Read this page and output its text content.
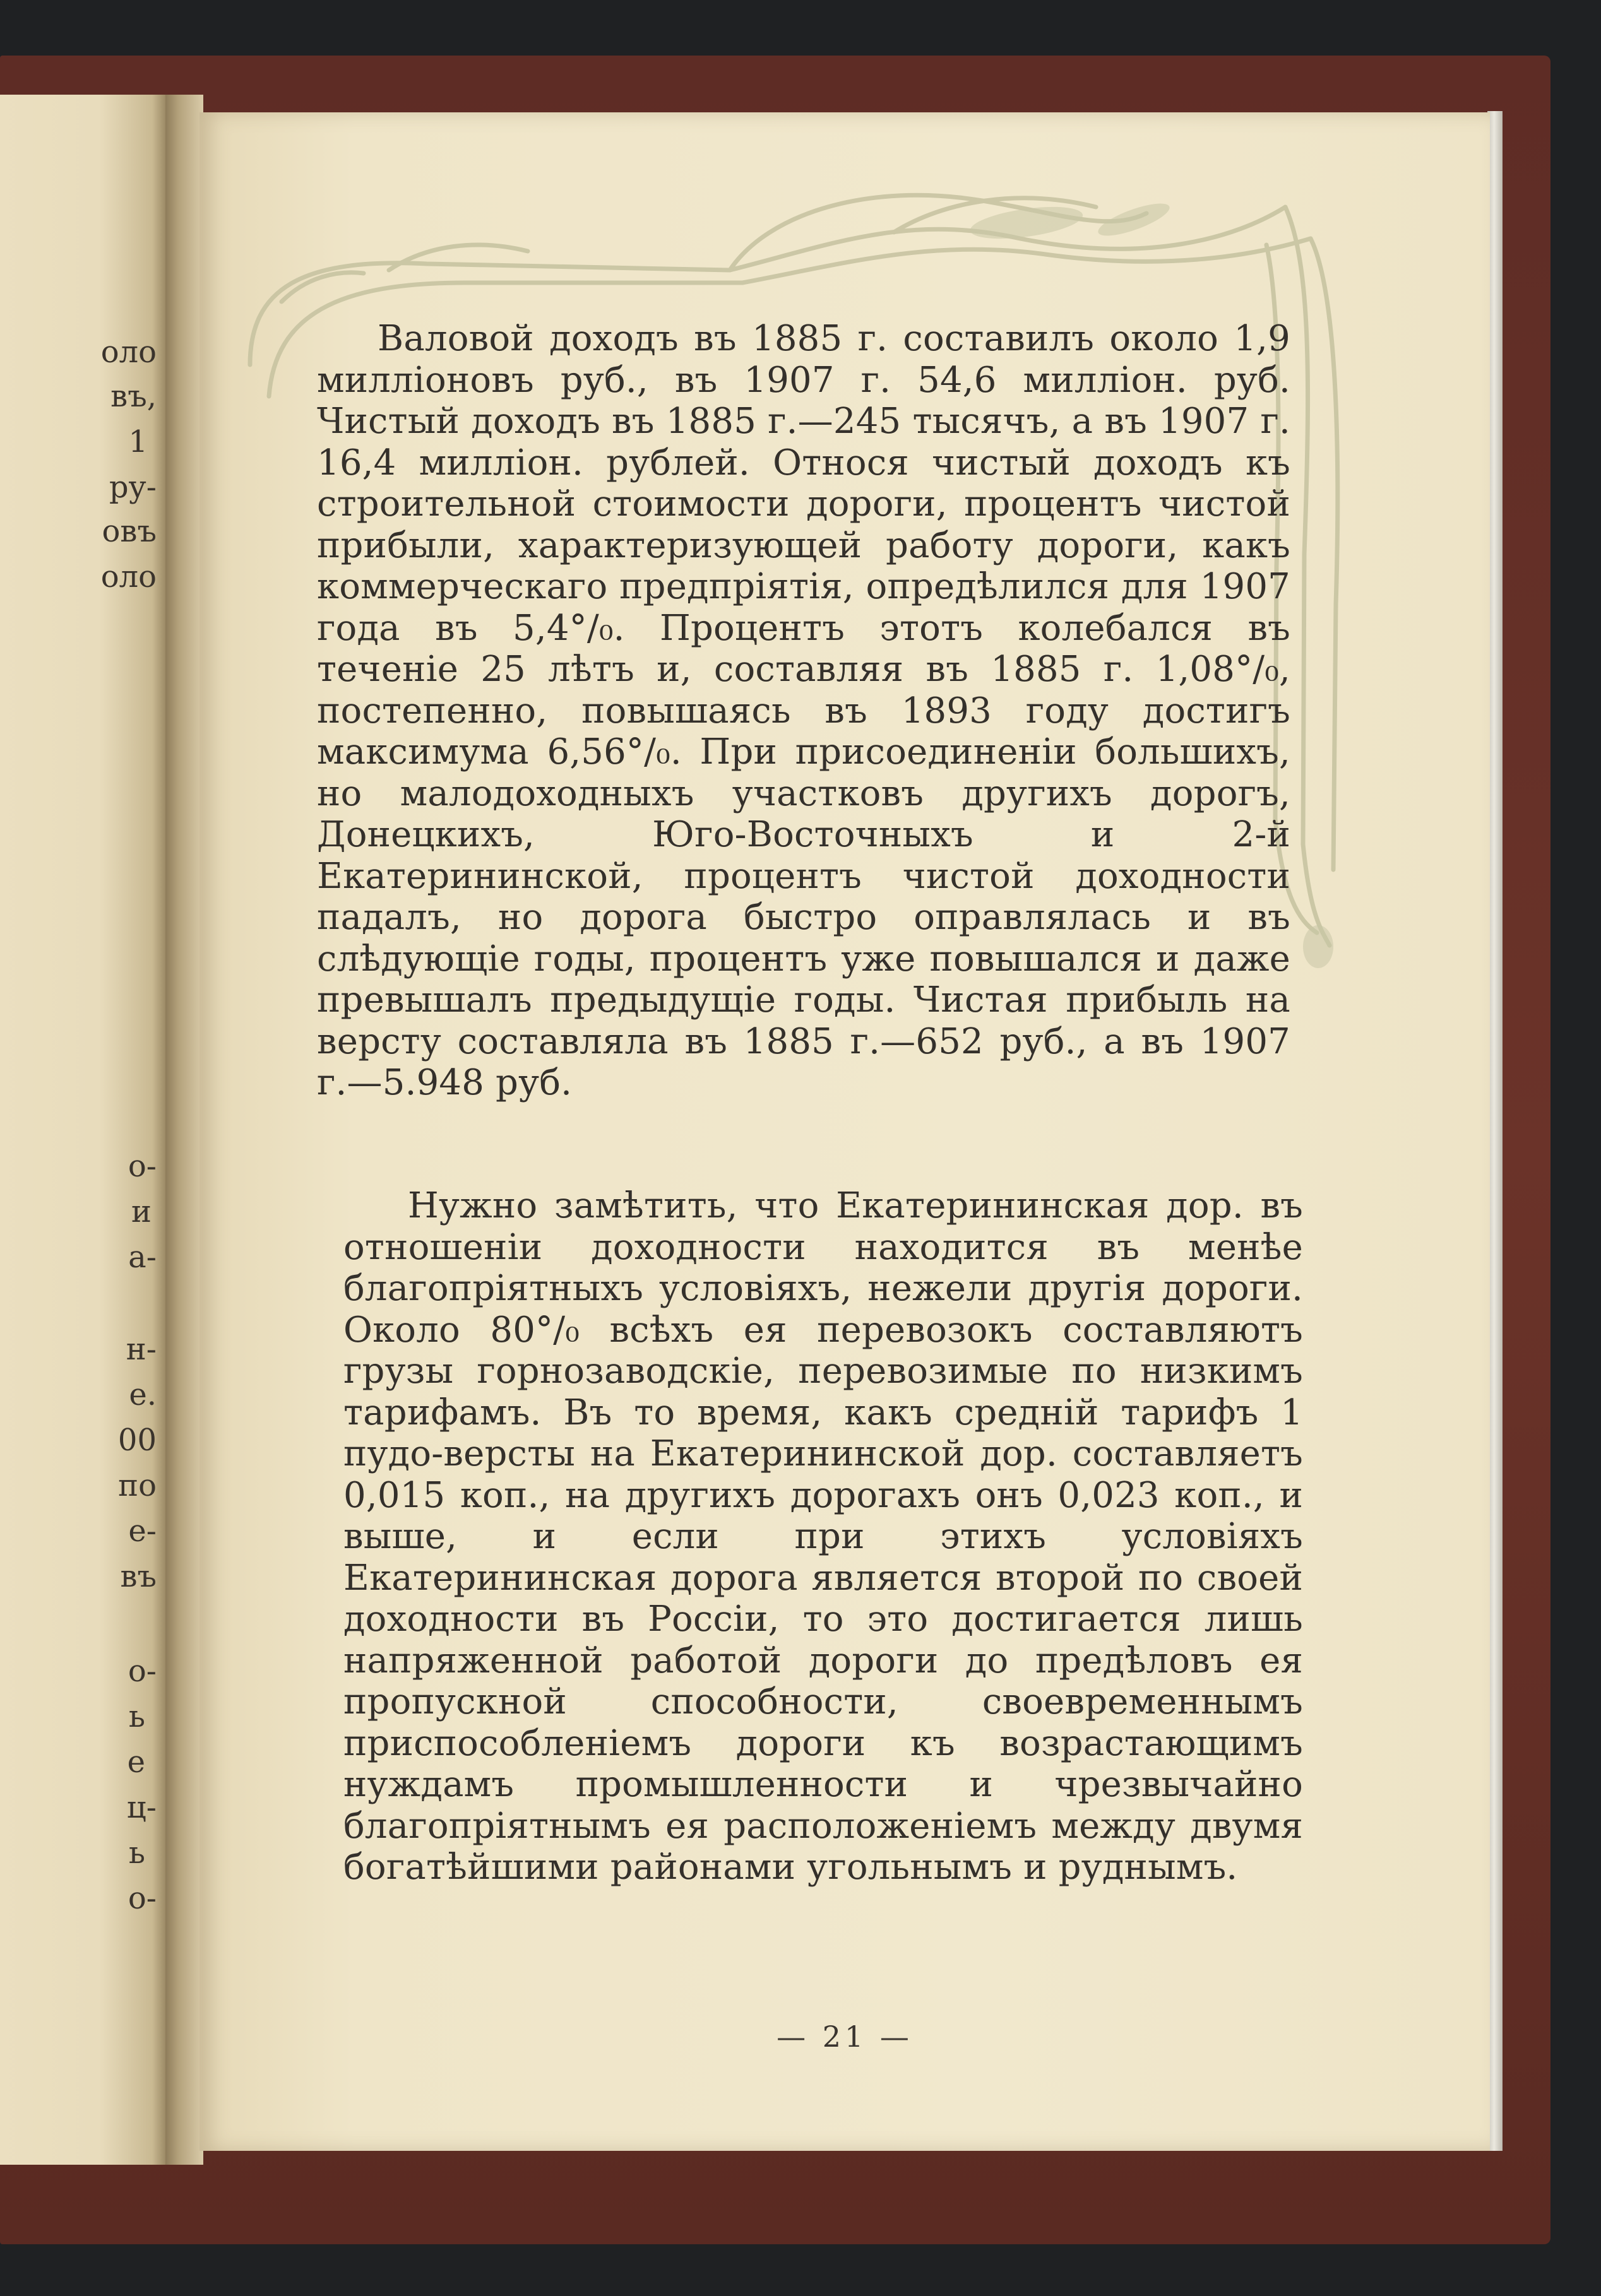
оло
въ,
1
ру-
овъ
оло
о-
и
а-
н-
е.
00
по
е-
въ
о-
ь
е
ц-
ь
о-
Валовой доходъ въ 1885 г. составилъ около 1,9 милліоновъ руб., въ 1907 г. 54,6 милліон. руб. Чистый доходъ въ 1885 г.—245 тысячъ, а въ 1907 г. 16,4 милліон. рублей. Относя чистый доходъ къ строительной стоимости дороги, процентъ чистой прибыли, характеризующей работу дороги, какъ коммерческаго предпріятія, опредѣлился для 1907 года въ 5,4°/₀. Процентъ этотъ колебался въ теченіе 25 лѣтъ и, составляя въ 1885 г. 1,08°/₀, постепенно, повышаясь въ 1893 году достигъ максимума 6,56°/₀. При присоединеніи большихъ, но малодоходныхъ участковъ другихъ дорогъ, Донецкихъ, Юго-Восточныхъ и 2-й Екатерининской, процентъ чистой доходности падалъ, но дорога быстро оправлялась и въ слѣдующіе годы, процентъ уже повышался и даже превышалъ предыдущіе годы. Чистая прибыль на версту составляла въ 1885 г.—652 руб., а въ 1907 г.—5.948 руб.
Нужно замѣтить, что Екатерининская дор. въ отношеніи доходности находится въ менѣе благопріятныхъ условіяхъ, нежели другія дороги. Около 80°/₀ всѣхъ ея перевозокъ составляютъ грузы горнозаводскіе, перевозимые по низкимъ тарифамъ. Въ то время, какъ средній тарифъ 1 пудо-версты на Екатерининской дор. составляетъ 0,015 коп., на другихъ дорогахъ онъ 0,023 коп., и выше, и если при этихъ условіяхъ Екатерининская дорога является второй по своей доходности въ Россіи, то это достигается лишь напряженной работой дороги до предѣловъ ея пропускной способности, своевременнымъ приспособленіемъ дороги къ возрастающимъ нуждамъ промышленности и чрезвычайно благопріятнымъ ея расположеніемъ между двумя богатѣйшими районами угольнымъ и руднымъ.
— 21 —
